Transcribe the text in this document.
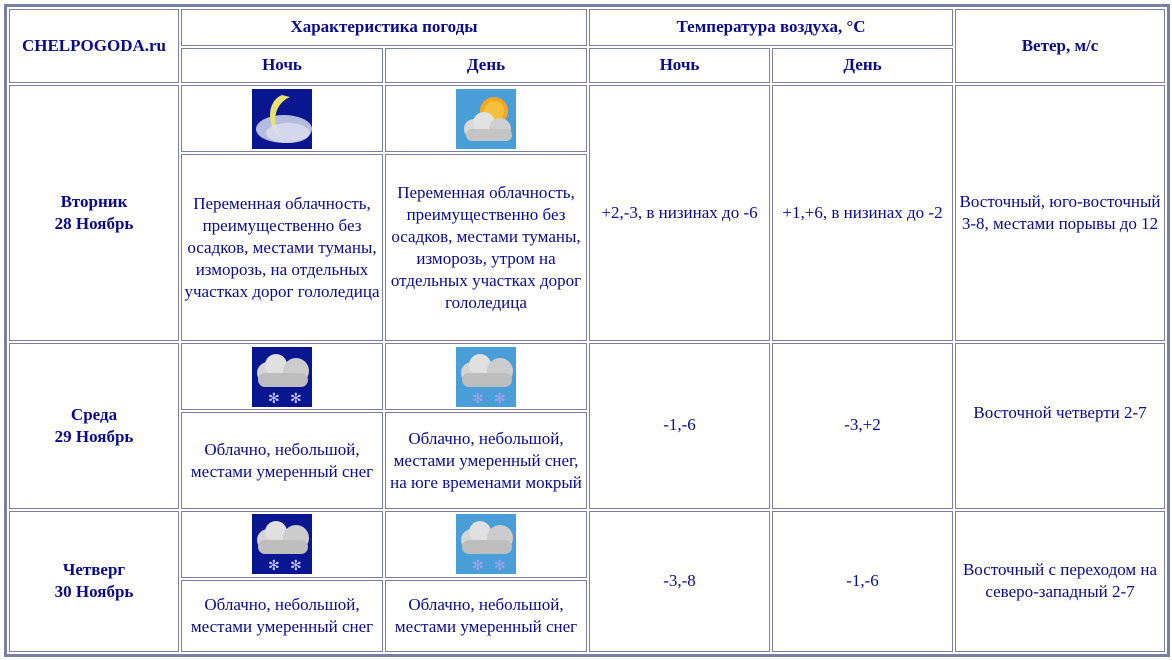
CHELPOGODA.ru	Характеристика погоды		Температура воздуха, °C		Ветер, м/с
	Ночь	День	Ночь	День	
Вторник
28 Ноябрь			+2,-3, в низинах до -6	+1,+6, в низинах до -2	Восточный, юго-восточный 3-8, местами порывы до 12
	Переменная облачность, преимущественно без осадков, местами туманы, изморозь, на отдельных участках дорог гололедица	Переменная облачность, преимущественно без осадков, местами туманы, изморозь, утром на отдельных участках дорог гололедица			
Среда
29 Ноябрь	✻ ✻	✻ ✻	-1,-6	-3,+2	Восточной четверти 2-7
	Облачно, небольшой, местами умеренный снег	Облачно, небольшой, местами умеренный снег, на юге временами мокрый			
Четверг
30 Ноябрь	✻ ✻	✻ ✻	-3,-8	-1,-6	Восточный с переходом на северо-западный 2-7
	Облачно, небольшой, местами умеренный снег	Облачно, небольшой, местами умеренный снег			
